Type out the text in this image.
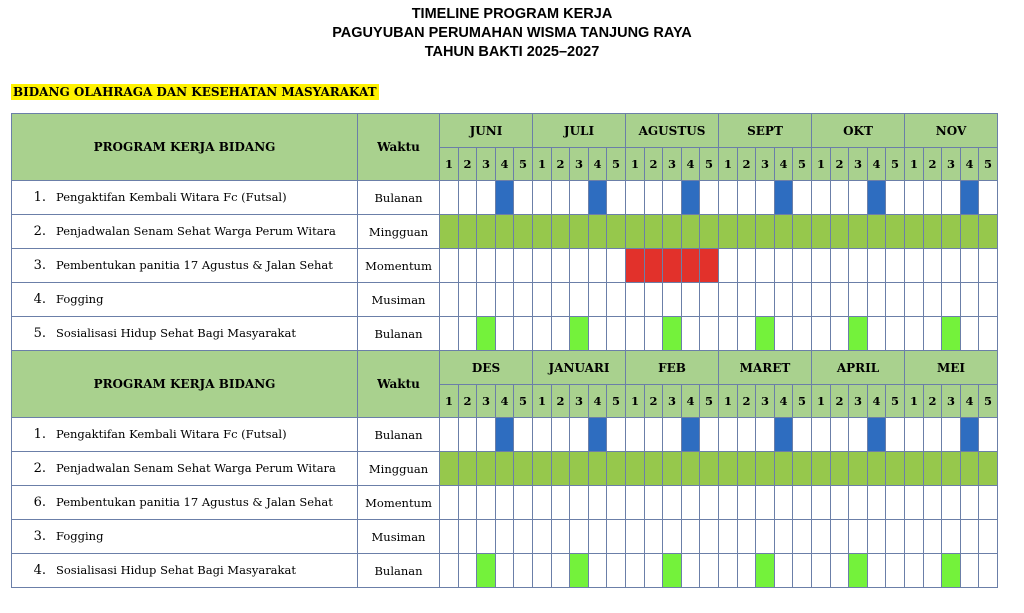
TIMELINE PROGRAM KERJA
PAGUYUBAN PERUMAHAN WISMA TANJUNG RAYA
TAHUN BAKTI 2025–2027
BIDANG OLAHRAGA DAN KESEHATAN MASYARAKAT
PROGRAM KERJA BIDANG	Waktu	JUNI					JULI					AGUSTUS					SEPT					OKT					NOV				
		1	2	3	4	5	1	2	3	4	5	1	2	3	4	5	1	2	3	4	5	1	2	3	4	5	1	2	3	4	5
1. Pengaktifan Kembali Witara Fc (Futsal)	Bulanan																														
2. Penjadwalan Senam Sehat Warga Perum Witara	Mingguan																														
3. Pembentukan panitia 17 Agustus & Jalan Sehat	Momentum																														
4. Fogging	Musiman																														
5. Sosialisasi Hidup Sehat Bagi Masyarakat	Bulanan																														
PROGRAM KERJA BIDANG	Waktu	DES					JANUARI					FEB					MARET					APRIL					MEI				
		1	2	3	4	5	1	2	3	4	5	1	2	3	4	5	1	2	3	4	5	1	2	3	4	5	1	2	3	4	5
1. Pengaktifan Kembali Witara Fc (Futsal)	Bulanan																														
2. Penjadwalan Senam Sehat Warga Perum Witara	Mingguan																														
6. Pembentukan panitia 17 Agustus & Jalan Sehat	Momentum																														
3. Fogging	Musiman																														
4. Sosialisasi Hidup Sehat Bagi Masyarakat	Bulanan																														
